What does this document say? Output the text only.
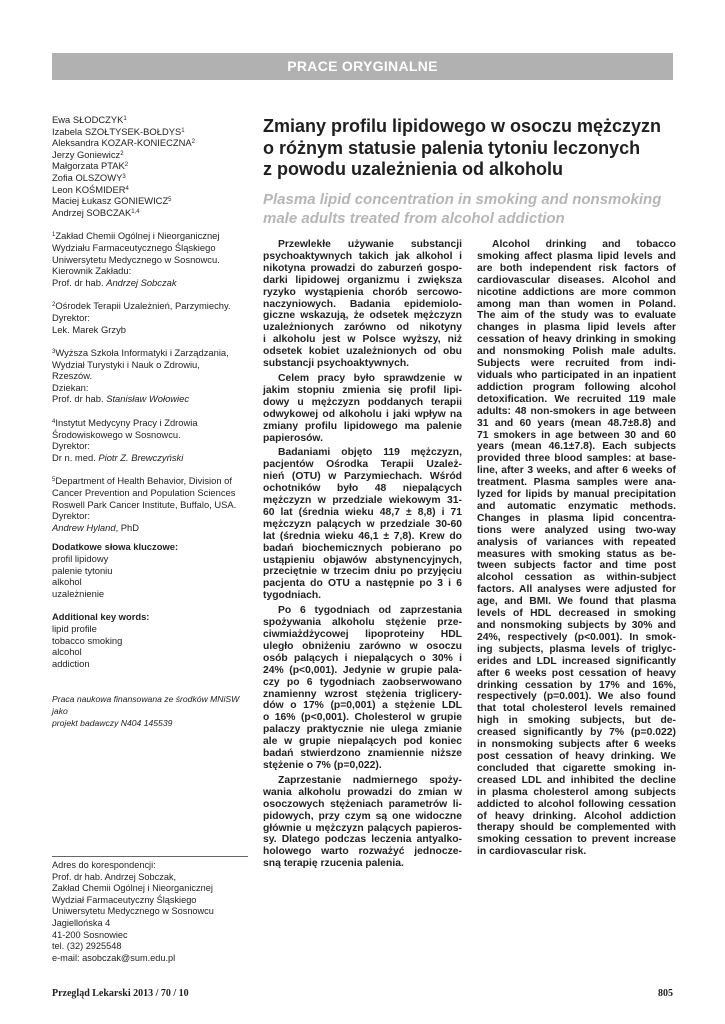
PRACE ORYGINALNE
Ewa SŁODCZYK$^1$
Izabela SZOŁTYSEK-BOŁDYS$^1$
Aleksandra KOZAR-KONIECZNA$^2$
Jerzy Goniewicz$^2$
Małgorzata PTAK$^2$
Zofia OLSZOWY$^3$
Leon KOŚMIDER$^4$
Maciej Łukasz GONIEWICZ$^5$
Andrzej SOBCZAK$^{1,4}$
$^1$Zakład Chemii Ogólnej i Nieorganicznej
Wydziału Farmaceutycznego Śląskiego
Uniwersytetu Medycznego w Sosnowcu.
Kierownik Zakładu:
Prof. dr hab. Andrzej Sobczak
$^2$Ośrodek Terapii Uzależnień, Parzymiechy.
Dyrektor:
Lek. Marek Grzyb
$^3$Wyższa Szkoła Informatyki i Zarządzania,
Wydział Turystyki i Nauk o Zdrowiu,
Rzeszów.
Dziekan:
Prof. dr hab. Stanisław Wołowiec
$^4$Instytut Medycyny Pracy i Zdrowia
Środowiskowego w Sosnowcu.
Dyrektor:
Dr n. med. Piotr Z. Brewczyński
$^5$Department of Health Behavior, Division of
Cancer Prevention and Population Sciences
Roswell Park Cancer Institute, Buffalo, USA.
Dyrektor:
Andrew Hyland, PhD
Dodatkowe słowa kluczowe:
profil lipidowy
palenie tytoniu
alkohol
uzależnienie
Additional key words:
lipid profile
tobacco smoking
alcohol
addiction
Praca naukowa finansowana ze środków MNiSW jako
projekt badawczy N404 145539
Zmiany profilu lipidowego w osoczu mężczyzn
o różnym statusie palenia tytoniu leczonych
z powodu uzależnienia od alkoholu
Plasma lipid concentration in smoking and nonsmoking
male adults treated from alcohol addiction

Przewlekłe używanie substancji

psychoaktywnych takich jak alkohol i

nikotyna prowadzi do zaburzeń gospo-

darki lipidowej organizmu i zwiększa

ryzyko wystąpienia chorób sercowo-

naczyniowych. Badania epidemiolo-

giczne wskazują, że odsetek mężczyzn

uzależnionych zarówno od nikotyny

i alkoholu jest w Polsce wyższy, niż

odsetek kobiet uzależnionych od obu

substancji psychoaktywnych.

Celem pracy było sprawdzenie w

jakim stopniu zmienia się profil lipi-

dowy u mężczyzn poddanych terapii

odwykowej od alkoholu i jaki wpływ na

zmiany profilu lipidowego ma palenie

papierosów.

Badaniami objęto 119 mężczyzn,

pacjentów Ośrodka Terapii Uzależ-

nień (OTU) w Parzymiechach. Wśród

ochotników było 48 niepalących

mężczyzn w przedziale wiekowym 31-

60 lat (średnia wieku 48,7 ± 8,8) i 71

mężczyzn palących w przedziale 30-60

lat (średnia wieku 46,1 ± 7,8). Krew do

badań biochemicznych pobierano po

ustąpieniu objawów abstynencyjnych,

przeciętnie w trzecim dniu po przyjęciu

pacjenta do OTU a następnie po 3 i 6

tygodniach.

Po 6 tygodniach od zaprzestania

spożywania alkoholu stężenie prze-

ciwmiażdżycowej lipoproteiny HDL

uległo obniżeniu zarówno w osoczu

osób palących i niepalących o 30% i

24% (p<0,001). Jedynie w grupie pala-

czy po 6 tygodniach zaobserwowano

znamienny wzrost stężenia triglicery-

dów o 17% (p=0,001) a stężenie LDL

o 16% (p<0,001). Cholesterol w grupie

palaczy praktycznie nie ulega zmianie

ale w grupie niepalących pod koniec

badań stwierdzono znamiennie niższe

stężenie o 7% (p=0,022).

Zaprzestanie nadmiernego spoży-

wania alkoholu prowadzi do zmian w

osoczowych stężeniach parametrów li-

pidowych, przy czym są one widoczne

głównie u mężczyzn palących papieros-

sy. Dlatego podczas leczenia antyalko-

holowego warto rozważyć jednocze-

sną terapię rzucenia palenia.

Alcohol drinking and tobacco

smoking affect plasma lipid levels and

are both independent risk factors of

cardiovascular diseases. Alcohol and

nicotine addictions are more common

among man than women in Poland.

The aim of the study was to evaluate

changes in plasma lipid levels after

cessation of heavy drinking in smoking

and nonsmoking Polish male adults.

Subjects were recruited from indi-

viduals who participated in an inpatient

addiction program following alcohol

detoxification. We recruited 119 male

adults: 48 non-smokers in age between

31 and 60 years (mean 48.7±8.8) and

71 smokers in age between 30 and 60

years (mean 46.1±7.8). Each subjects

provided three blood samples: at base-

line, after 3 weeks, and after 6 weeks of

treatment. Plasma samples were ana-

lyzed for lipids by manual precipitation

and automatic enzymatic methods.

Changes in plasma lipid concentra-

tions were analyzed using two-way

analysis of variances with repeated

measures with smoking status as be-

tween subjects factor and time post

alcohol cessation as within-subject

factors. All analyses were adjusted for

age, and BMI. We found that plasma

levels of HDL decreased in smoking

and nonsmoking subjects by 30% and

24%, respectively (p<0.001). In smok-

ing subjects, plasma levels of triglyc-

erides and LDL increased significantly

after 6 weeks post cessation of heavy

drinking cessation by 17% and 16%,

respectively (p=0.001). We also found

that total cholesterol levels remained

high in smoking subjects, but de-

creased significantly by 7% (p=0.022)

in nonsmoking subjects after 6 weeks

post cessation of heavy drinking. We

concluded that cigarette smoking in-

creased LDL and inhibited the decline

in plasma cholesterol among subjects

addicted to alcohol following cessation

of heavy drinking. Alcohol addiction

therapy should be complemented with

smoking cessation to prevent increase

in cardiovascular risk.

Adres do korespondencji:
Prof. dr hab. Andrzej Sobczak,
Zakład Chemii Ogólnej i Nieorganicznej
Wydział Farmaceutyczny Śląskiego
Uniwersytetu Medycznego w Sosnowcu
Jagiellońska 4
41-200 Sosnowiec
tel. (32) 2925548
e-mail: asobczak@sum.edu.pl
Przegląd Lekarski 2013 / 70 / 10	805
